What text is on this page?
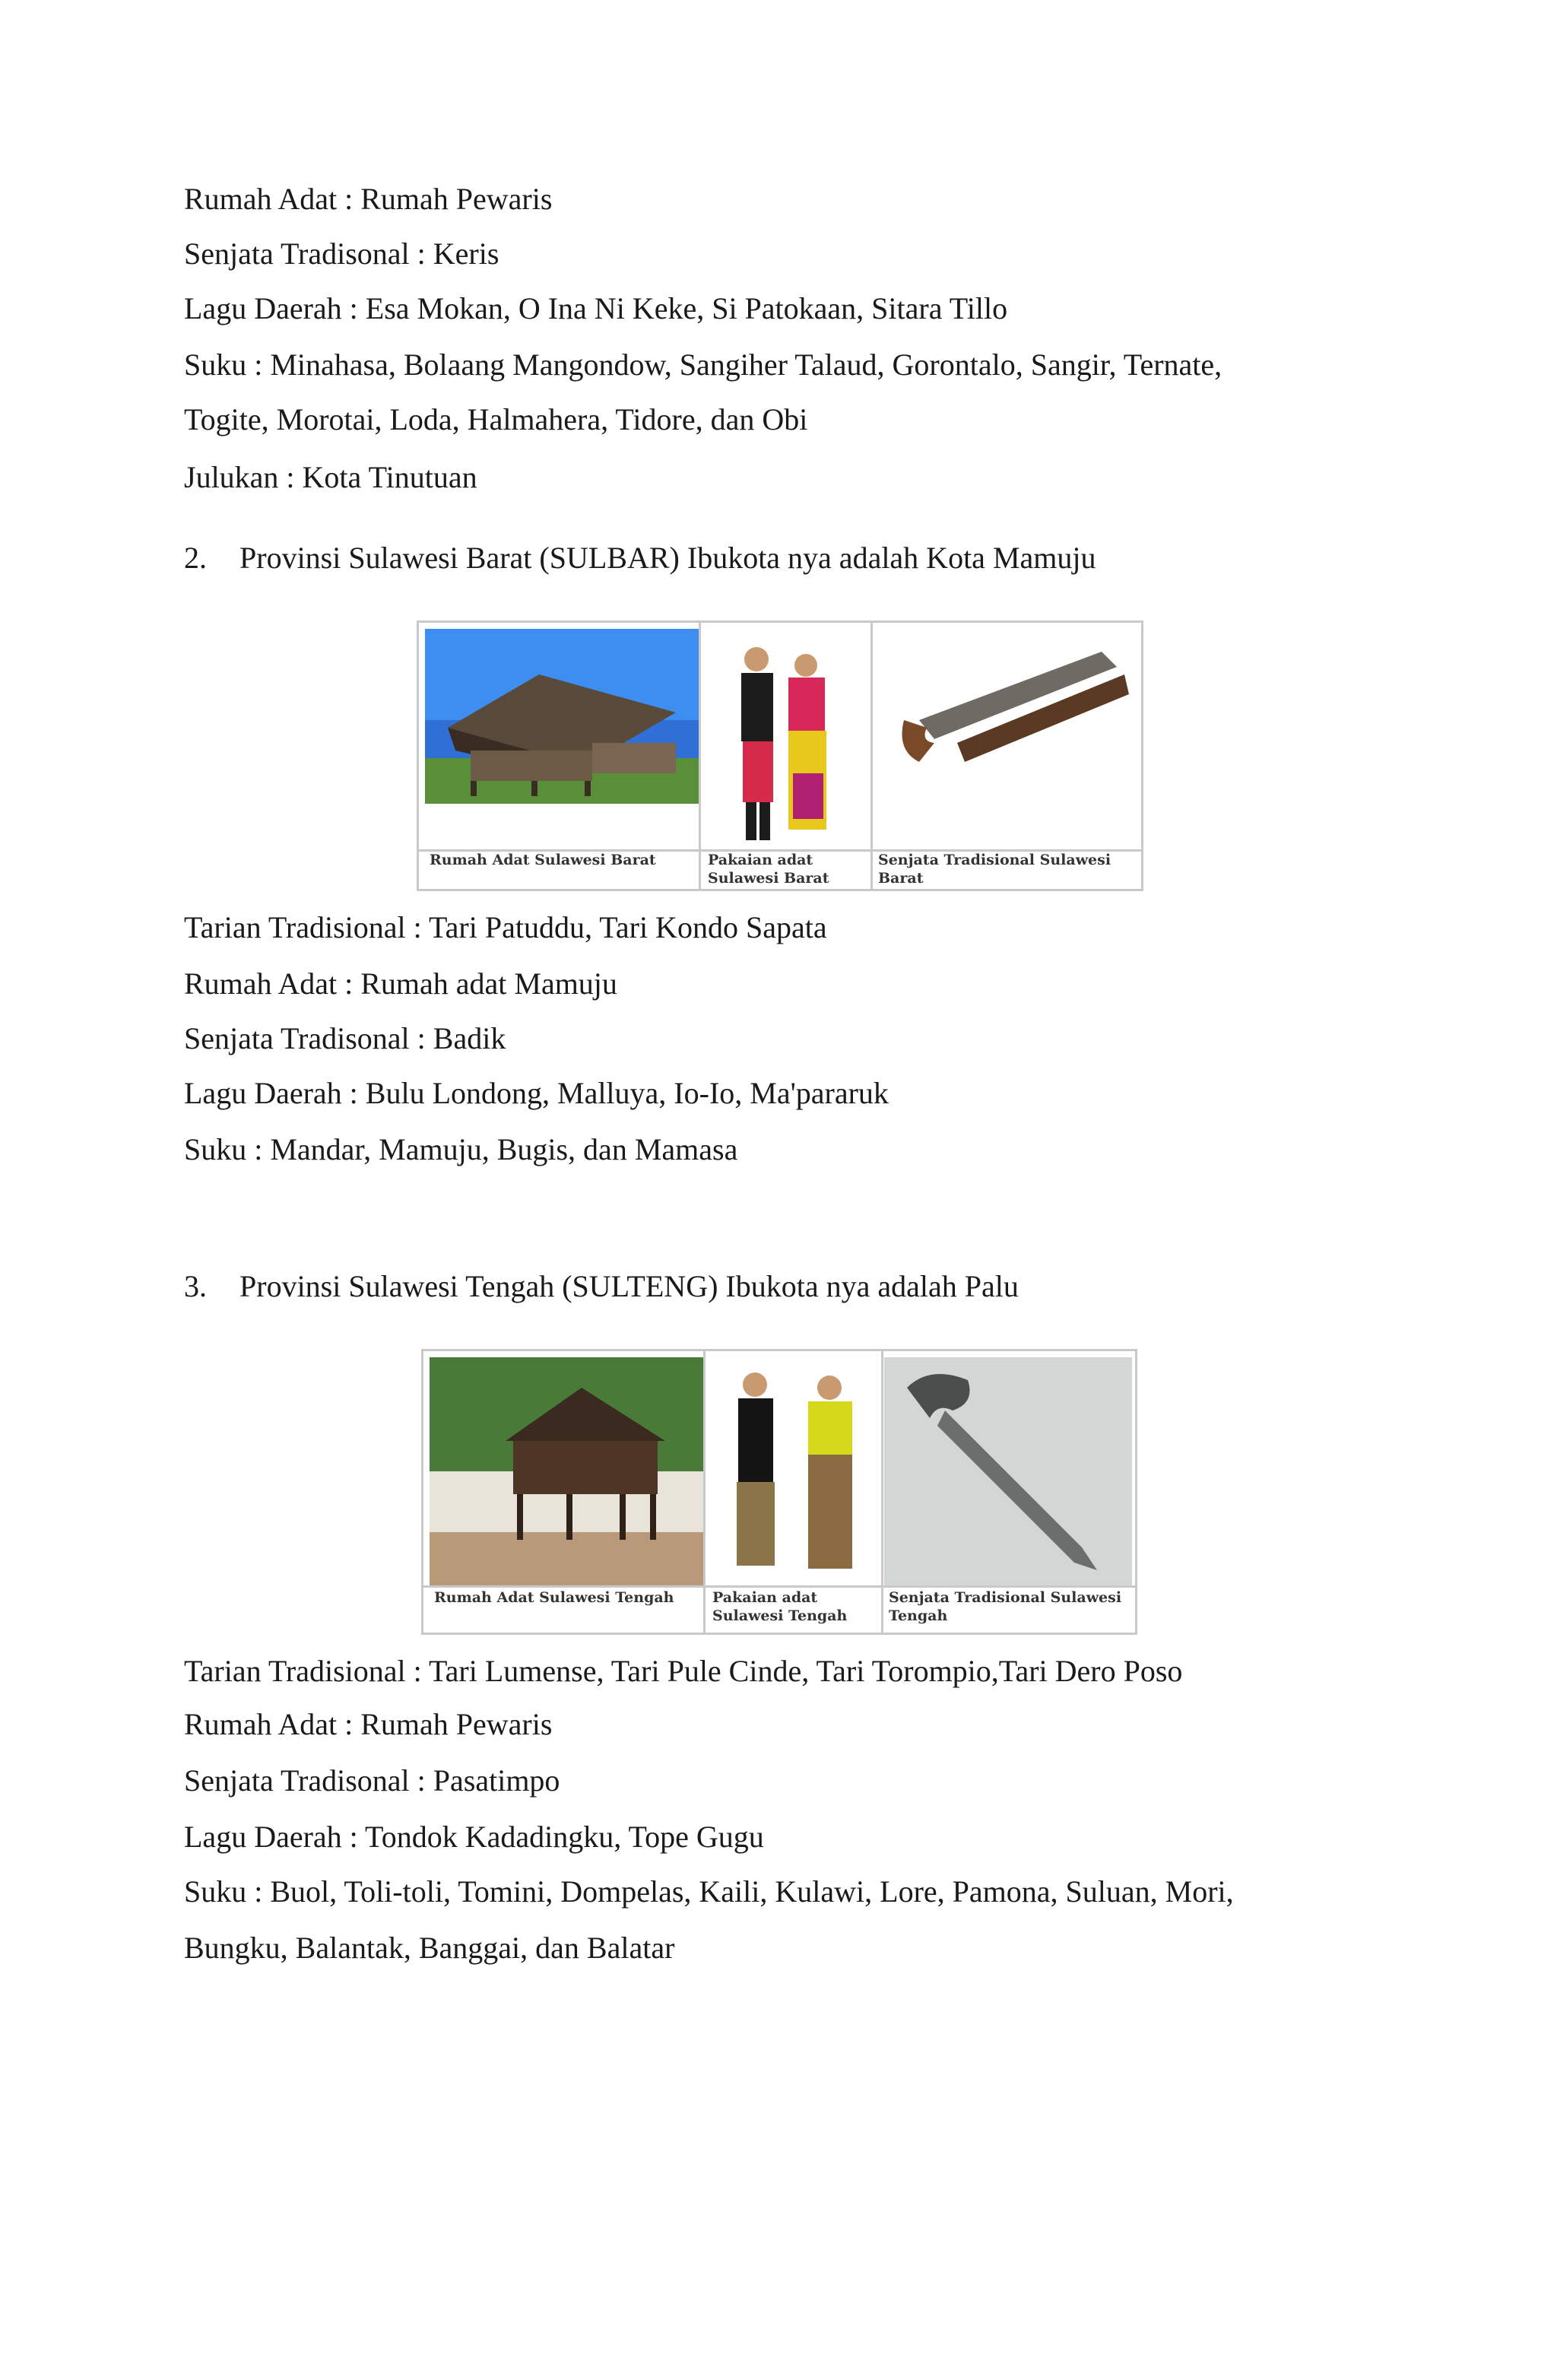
Rumah Adat : Rumah Pewaris
Senjata Tradisonal : Keris
Lagu Daerah : Esa Mokan, O Ina Ni Keke, Si Patokaan, Sitara Tillo
Suku : Minahasa, Bolaang Mangondow, Sangiher Talaud, Gorontalo, Sangir, Ternate,
Togite, Morotai, Loda, Halmahera, Tidore, dan Obi
Julukan : Kota Tinutuan
2. Provinsi Sulawesi Barat (SULBAR) Ibukota nya adalah Kota Mamuju
Rumah Adat Sulawesi Barat	Pakaian adat Sulawesi Barat
Senjata Tradisional Sulawesi Barat
Tarian Tradisional : Tari Patuddu, Tari Kondo Sapata
Rumah Adat : Rumah adat Mamuju
Senjata Tradisonal : Badik
Lagu Daerah : Bulu Londong, Malluya, Io-Io, Ma'pararuk
Suku : Mandar, Mamuju, Bugis, dan Mamasa
3. Provinsi Sulawesi Tengah (SULTENG) Ibukota nya adalah Palu
Rumah Adat Sulawesi Tengah	Pakaian adat Sulawesi Tengah
Senjata Tradisional Sulawesi Tengah
Tarian Tradisional : Tari Lumense, Tari Pule Cinde, Tari Torompio,Tari Dero Poso
Rumah Adat : Rumah Pewaris
Senjata Tradisonal : Pasatimpo
Lagu Daerah : Tondok Kadadingku, Tope Gugu
Suku : Buol, Toli-toli, Tomini, Dompelas, Kaili, Kulawi, Lore, Pamona, Suluan, Mori,
Bungku, Balantak, Banggai, dan Balatar
